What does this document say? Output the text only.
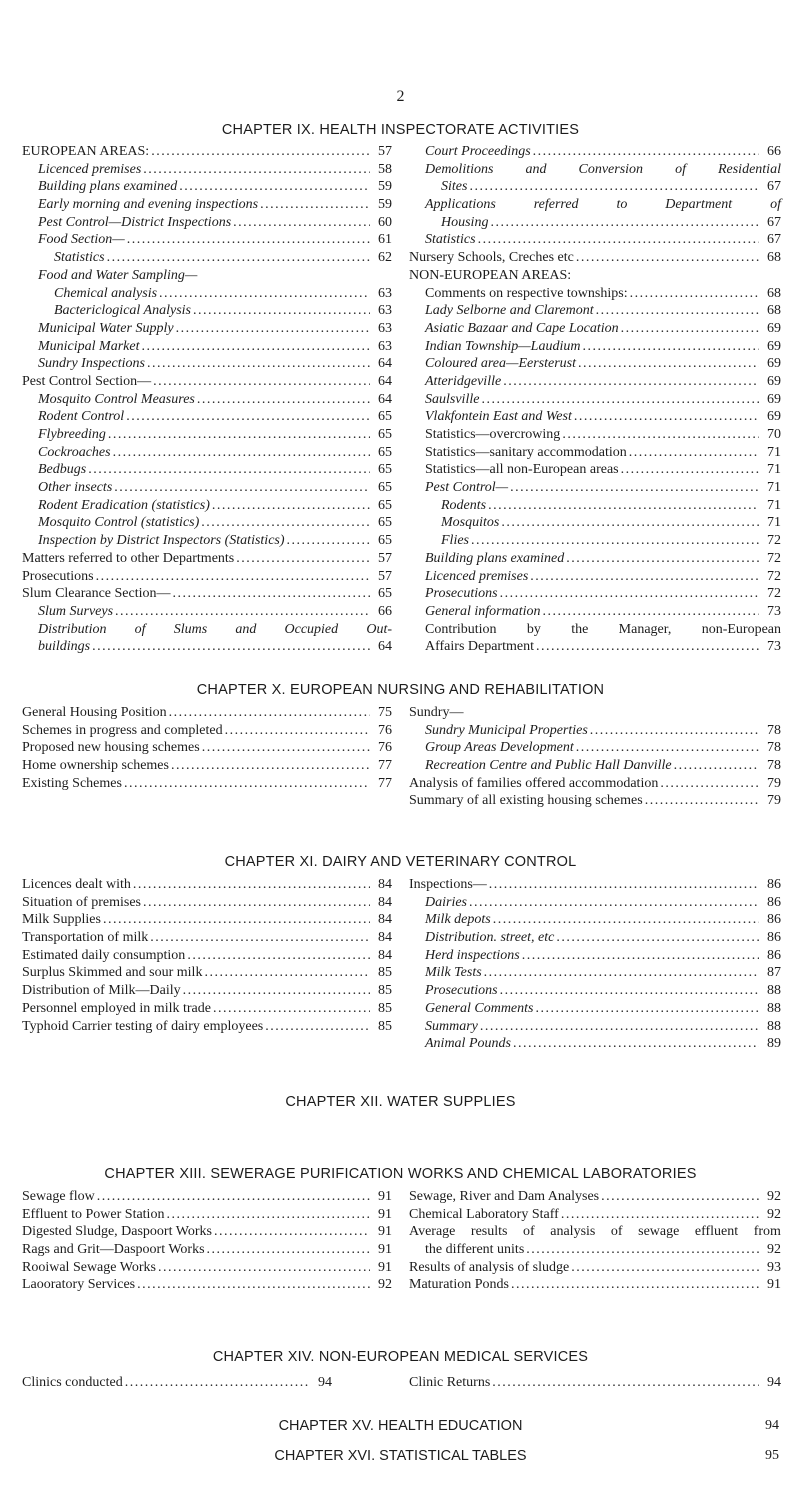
2
CHAPTER IX. HEALTH INSPECTORATE ACTIVITIES
EUROPEAN AREAS: .....	57
Licenced premises .....	58
Building plans examined .....	59
Early morning and evening inspections .....	59
Pest Control—District Inspections .....	60
Food Section— .....	61
Statistics .....	62
Food and Water Sampling—
Chemical analysis .....	63
Bactericlogical Analysis .....	63
Municipal Water Supply .....	63
Municipal Market .....	63
Sundry Inspections .....	64
Pest Control Section— .....	64
Mosquito Control Measures .....	64
Rodent Control .....	65
Flybreeding .....	65
Cockroaches .....	65
Bedbugs .....	65
Other insects .....	65
Rodent Eradication (statistics) .....	65
Mosquito Control (statistics) .....	65
Inspection by District Inspectors (Statistics) .....	65
Matters referred to other Departments .....	57
Prosecutions .....	57
Slum Clearance Section— .....	65
Slum Surveys .....	66
Distribution of Slums and Occupied Out-
buildings .....	64
Court Proceedings .....	66
Demolitions and Conversion of Residential
Sites .....	67
Applications	referred	to	Department	of
Housing .....	67
Statistics .....	67
Nursery Schools, Creches etc .....	68
NON-EUROPEAN AREAS:
Comments on respective townships: .....	68
Lady Selborne and Claremont .....	68
Asiatic Bazaar and Cape Location .....	69
Indian Township—Laudium .....	69
Coloured area—Eersterust .....	69
Atteridgeville .....	69
Saulsville .....	69
Vlakfontein East and West .....	69
Statistics—overcrowing .....	70
Statistics—sanitary accommodation .....	71
Statistics—all non-European areas .....	71
Pest Control— .....	71
Rodents .....	71
Mosquitos .....	71
Flies .....	72
Building plans examined .....	72
Licenced premises .....	72
Prosecutions .....	72
General information .....	73
Contribution by the Manager, non-European
Affairs Department .....	73
CHAPTER X. EUROPEAN NURSING AND REHABILITATION
General Housing Position .....	75
Schemes in progress and completed .....	76
Proposed new housing schemes .....	76
Home ownership schemes .....	77
Existing Schemes .....	77
Sundry—
Sundry Municipal Properties .....	78
Group Areas Development .....	78
Recreation Centre and Public Hall Danville .....	78
Analysis of families offered accommodation .....	79
Summary of all existing housing schemes .....	79
CHAPTER XI. DAIRY AND VETERINARY CONTROL
Licences dealt with .....	84
Situation of premises .....	84
Milk Supplies .....	84
Transportation of milk .....	84
Estimated daily consumption .....	84
Surplus Skimmed and sour milk .....	85
Distribution of Milk—Daily .....	85
Personnel employed in milk trade .....	85
Typhoid Carrier testing of dairy employees .....	85
Inspections— .....	86
Dairies .....	86
Milk depots .....	86
Distribution. street, etc .....	86
Herd inspections .....	86
Milk Tests .....	87
Prosecutions .....	88
General Comments .....	88
Summary .....	88
Animal Pounds .....	89
CHAPTER XII. WATER SUPPLIES
CHAPTER XIII. SEWERAGE PURIFICATION WORKS AND CHEMICAL LABORATORIES
Sewage flow .....	91
Effluent to Power Station .....	91
Digested Sludge, Daspoort Works .....	91
Rags and Grit—Daspoort Works .....	91
Rooiwal Sewage Works .....	91
Laooratory Services .....	92
Sewage, River and Dam Analyses .....	92
Chemical Laboratory Staff .....	92
Average results of analysis of sewage effluent from
the different units .....	92
Results of analysis of sludge .....	93
Maturation Ponds .....	91
CHAPTER XIV. NON-EUROPEAN MEDICAL SERVICES
Clinics conducted .....	94	Clinic Returns .....	94
CHAPTER XV. HEALTH EDUCATION	94
CHAPTER XVI. STATISTICAL TABLES	95
